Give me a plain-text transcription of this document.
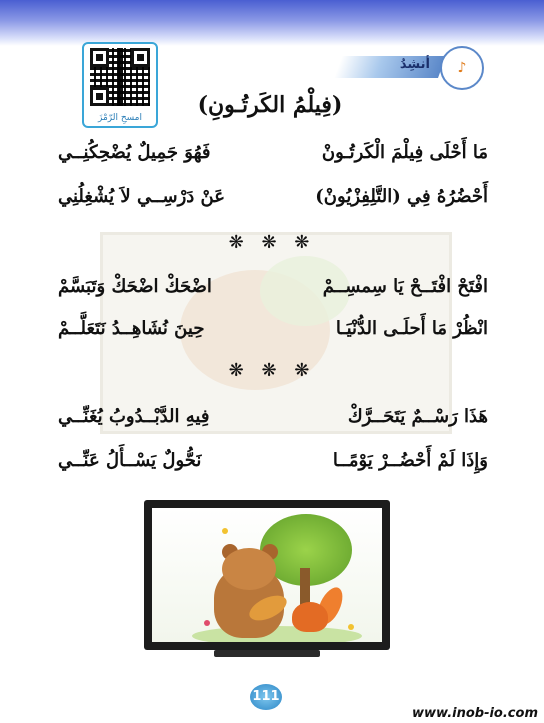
امسحِ الرّمْزَ
أنشِدُ	♪
(فِيلْمُ الكَرتُـونِ)
مَا أَحْلَى فِيلْمَ الْكَرتُـونْ
فَهُوَ جَمِيلٌ يُضْحِكُنِــي
أَحْضُرُهُ فِي (التَّلِفِزْيُونْ)
عَنْ دَرْسِــي لاَ يُشْغِلُنِي
❋ ❋ ❋
افْتَحْ افْتَــحْ يَا سِمسِــمْ
اضْحَكْ اضْحَكْ وَتَبَسَّمْ
انْظُرْ مَا أَحلَـى الدُّنْيَـا
حِينَ نُشَاهِــدُ نَتَعَلَّــمْ
❋ ❋ ❋
هَذَا رَسْــمٌ يَتَحَــرَّكْ
فِيهِ الدَّبْــدُوبُ يُغَنِّــي
وَإِذَا لَمْ أَحْضُــرْ يَوْمًــا
نَحُّولٌ يَسْــأَلُ عَنِّــي
111
www.inob-io.com
